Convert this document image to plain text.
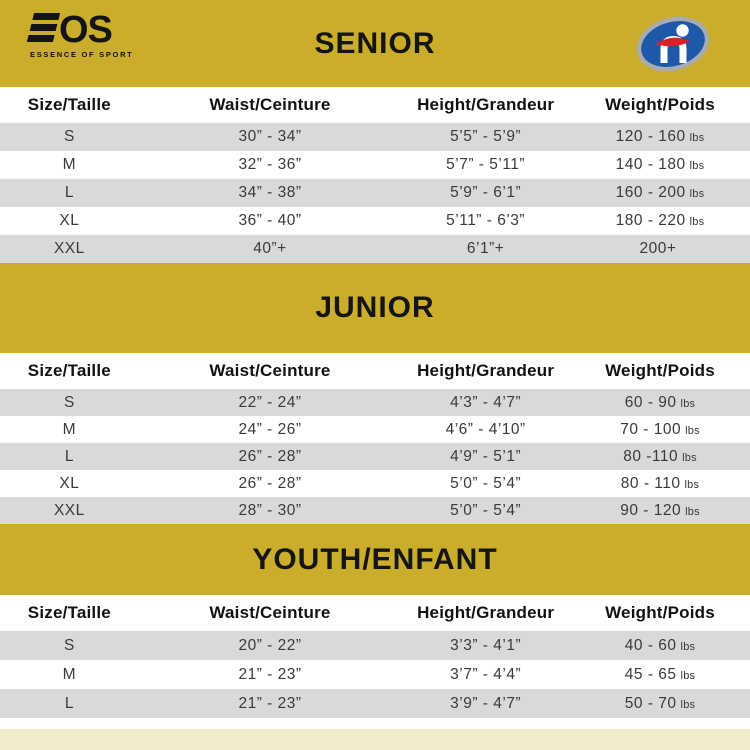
OS
ESSENCE OF SPORT	SENIOR
Size/Taille	Waist/Ceinture	Height/Grandeur	Weight/Poids
S	30” - 34”	5’5” - 5’9”	120 - 160 lbs
M	32” - 36”	5’7” - 5’11”	140 - 180 lbs
L	34” - 38”	5’9” - 6’1”	160 - 200 lbs
XL	36” - 40”	5’11” - 6’3”	180 - 220 lbs
XXL	40”+	6’1”+	200+
JUNIOR
Size/Taille	Waist/Ceinture	Height/Grandeur	Weight/Poids
S	22” - 24”	4’3” - 4’7”	60 - 90 lbs
M	24” - 26”	4’6” - 4’10”	70 - 100 lbs
L	26” - 28”	4’9” - 5’1”	80 -110 lbs
XL	26” - 28”	5’0” - 5’4”	80 - 110 lbs
XXL	28” - 30”	5’0” - 5’4”	90 - 120 lbs
YOUTH/ENFANT
Size/Taille	Waist/Ceinture	Height/Grandeur	Weight/Poids
S	20” - 22”	3’3” - 4’1”	40 - 60 lbs
M	21” - 23”	3’7” - 4’4”	45 - 65 lbs
L	21” - 23”	3’9” - 4’7”	50 - 70 lbs
